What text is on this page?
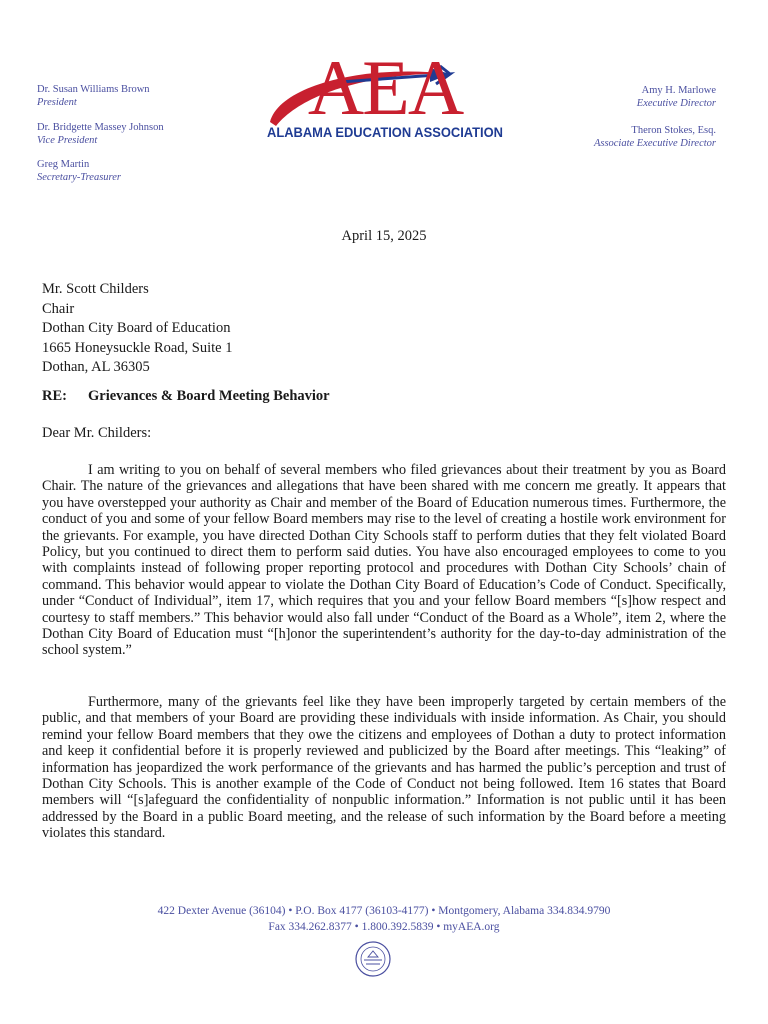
Dr. Susan Williams Brown
President
Dr. Bridgette Massey Johnson
Vice President
Greg Martin
Secretary-Treasurer
Amy H. Marlowe
Executive Director
Theron Stokes, Esq.
Associate Executive Director
AEA
ALABAMA EDUCATION ASSOCIATION
April 15, 2025
Mr. Scott Childers
Chair
Dothan City Board of Education
1665 Honeysuckle Road, Suite 1
Dothan, AL 36305
RE: Grievances & Board Meeting Behavior
Dear Mr. Childers:

I am writing to you on behalf of several members who filed grievances about their treatment by you as Board Chair. The nature of the grievances and allegations that have been shared with me concern me greatly. It appears that you have overstepped your authority as Chair and member of the Board of Education numerous times. Furthermore, the conduct of you and some of your fellow Board members may rise to the level of creating a hostile work environment for the grievants. For example, you have directed Dothan City Schools staff to perform duties that they felt violated Board Policy, but you continued to direct them to perform said duties. You have also encouraged employees to come to you with complaints instead of following proper reporting protocol and procedures with Dothan City Schools’ chain of command. This behavior would appear to violate the Dothan City Board of Education’s Code of Conduct. Specifically, under “Conduct of Individual”, item 17, which requires that you and your fellow Board members “[s]how respect and courtesy to staff members.” This behavior would also fall under “Conduct of the Board as a Whole”, item 2, where the Dothan City Board of Education must “[h]onor the superintendent’s authority for the day-to-day administration of the school system.”

Furthermore, many of the grievants feel like they have been improperly targeted by certain members of the public, and that members of your Board are providing these individuals with inside information. As Chair, you should remind your fellow Board members that they owe the citizens and employees of Dothan a duty to protect information and keep it confidential before it is properly reviewed and publicized by the Board after meetings. This “leaking” of information has jeopardized the work performance of the grievants and has harmed the public’s perception and trust of Dothan City Schools. This is another example of the Code of Conduct not being followed. Item 16 states that Board members will “[s]afeguard the confidentiality of nonpublic information.” Information is not public until it has been addressed by the Board in a public Board meeting, and the release of such information by the Board before a meeting violates this standard.

422 Dexter Avenue (36104) • P.O. Box 4177 (36103-4177) • Montgomery, Alabama 334.834.9790
Fax 334.262.8377 • 1.800.392.5839 • myAEA.org
